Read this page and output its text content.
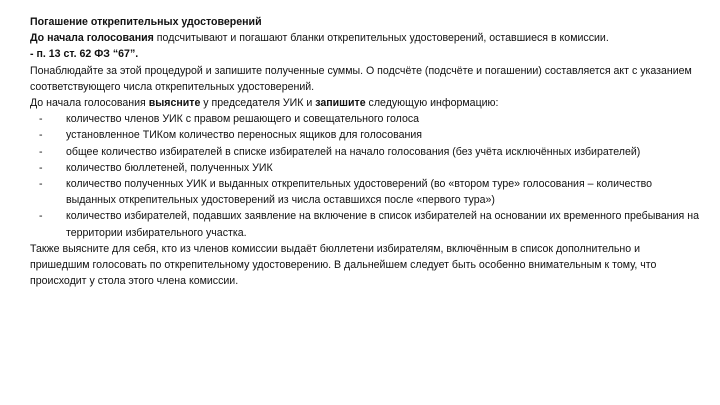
Погашение открепительных удостоверений

До начала голосования подсчитывают и погашают бланки открепительных удостоверений, оставшиеся в комиссии.

- п. 13 ст. 62 ФЗ “67”.

Понаблюдайте за этой процедурой и запишите полученные суммы. О подсчёте (подсчёте и погашении) составляется акт с указанием соответствующего числа открепительных удостоверений.

До начала голосования выясните у председателя УИК и запишите следующую информацию:

- количество членов УИК с правом решающего и совещательного голоса
- установленное ТИКом количество переносных ящиков для голосования
- общее количество избирателей в списке избирателей на начало голосования (без учёта исключённых избирателей)
- количество бюллетеней, полученных УИК
- количество полученных УИК и выданных открепительных удостоверений (во «втором туре» голосования – количество выданных открепительных удостоверений из числа оставшихся после «первого тура»)
- количество избирателей, подавших заявление на включение в список избирателей на основании их временного пребывания на территории избирательного участка.

Также выясните для себя, кто из членов комиссии выдаёт бюллетени избирателям, включённым в список дополнительно и пришедшим голосовать по открепительному удостоверению. В дальнейшем следует быть особенно внимательным к тому, что происходит у стола этого члена комиссии.
